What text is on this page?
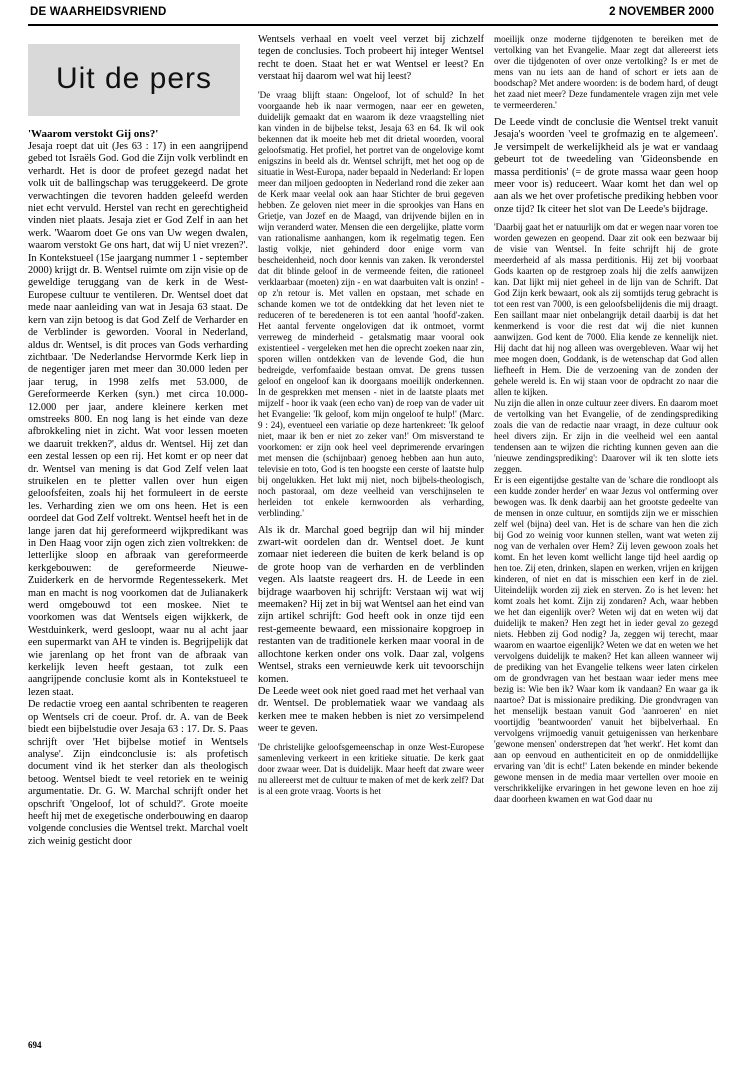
DE WAARHEIDSVRIEND	2 NOVEMBER 2000
Uit de pers

'Waarom verstokt Gij ons?'

Jesaja roept dat uit (Jes 63 : 17) in een aangrijpend gebed tot Israëls God. God die Zijn volk verblindt en verhardt. Het is door de profeet gezegd nadat het volk uit de ballingschap was teruggekeerd. De grote verwachtingen die tevoren hadden geleefd werden niet echt vervuld. Herstel van recht en gerechtigheid vinden niet plaats. Jesaja ziet er God Zelf in aan het werk. 'Waarom doet Ge ons van Uw wegen dwalen, waarom verstokt Ge ons hart, dat wij U niet vrezen?'. In Kontekstueel (15e jaargang nummer 1 - september 2000) krijgt dr. B. Wentsel ruimte om zijn visie op de geweldige teruggang van de kerk in de West-Europese cultuur te ventileren. Dr. Wentsel doet dat mede naar aanleiding van wat in Jesaja 63 staat. De kern van zijn betoog is dat God Zelf de Verharder en de Verblinder is geworden. Vooral in Nederland, aldus dr. Wentsel, is dit proces van Gods verharding zichtbaar. 'De Nederlandse Hervormde Kerk liep in de negentiger jaren met meer dan 30.000 leden per jaar terug, in 1998 zelfs met 53.000, de Gereformeerde Kerken (syn.) met circa 10.000-12.000 per jaar, andere kleinere kerken met omstreeks 800. En nog lang is het einde van deze afbrokkeling niet in zicht. Wat voor lessen moeten we daaruit trekken?', aldus dr. Wentsel. Hij zet dan een zestal lessen op een rij. Het komt er op neer dat dr. Wentsel van mening is dat God Zelf velen laat struikelen en te pletter vallen over hun eigen geloofsfeiten, zoals hij het formuleert in de eerste les. Verharding zien we om ons heen. Het is een oordeel dat God Zelf voltrekt. Wentsel heeft het in de lange jaren dat hij gereformeerd wijkpredikant was in Den Haag voor zijn ogen zich zien voltrekken: de letterlijke sloop en afbraak van gereformeerde kerkgebouwen: de gereformeerde Nieuwe-Zuiderkerk en de hervormde Regentessekerk. Met man en macht is nog voorkomen dat de Julianakerk werd omgebouwd tot een moskee. Niet te voorkomen was dat Wentsels eigen wijkkerk, de Westduinkerk, werd gesloopt, waar nu al acht jaar een supermarkt van AH te vinden is. Begrijpelijk dat wie jarenlang op het front van de afbraak van kerkelijk leven heeft gestaan, tot zulk een aangrijpende conclusie komt als in Kontekstueel te lezen staat.

De redactie vroeg een aantal schribenten te reageren op Wentsels cri de coeur. Prof. dr. A. van de Beek biedt een bijbelstudie over Jesaja 63 : 17. Dr. S. Paas schrijft over 'Het bijbelse motief in Wentsels analyse'. Zijn eindconclusie is: als profetisch document vind ik het sterker dan als theologisch betoog. Wentsel biedt te veel retoriek en te weinig argumentatie. Dr. G. W. Marchal schrijft onder het opschrift 'Ongeloof, lot of schuld?'. Grote moeite heeft hij met de exegetische onderbouwing en daarop volgende conclusies die Wentsel trekt. Marchal voelt zich weinig gesticht door

Wentsels verhaal en voelt veel verzet bij zichzelf tegen de conclusies. Toch probeert hij integer Wentsel recht te doen. Staat het er wat Wentsel er leest? En verstaat hij daarom wel wat hij leest?

'De vraag blijft staan: Ongeloof, lot of schuld? In het voorgaande heb ik naar vermogen, naar eer en geweten, duidelijk gemaakt dat en waarom ik deze vraagstelling niet kan vinden in de bijbelse tekst, Jesaja 63 en 64. Ik wil ook bekennen dat ik moeite heb met dit drietal woorden, vooral geloofsmatig. Het profiel, het portret van de ongelovige komt enigszins in beeld als dr. Wentsel schrijft, met het oog op de situatie in West-Europa, nader bepaald in Nederland: Er lopen meer dan miljoen gedoopten in Nederland rond die zeker aan de Kerk maar veelal ook aan haar Stichter de brui gegeven hebben. Ze geloven niet meer in die sprookjes van Hans en Grietje, van Jozef en de Maagd, van drijvende bijlen en in wijn veranderd water. Mensen die een dergelijke, platte vorm van rationalisme aanhangen, kom ik regelmatig tegen. Een lastig volkje, niet gehinderd door enige vorm van bescheidenheid, noch door kennis van zaken. Ik veronderstel dat dit blinde geloof in de vermeende feiten, die rationeel verklaarbaar (moeten) zijn - en wat daarbuiten valt is onzin! - op z'n retour is. Met vallen en opstaan, met schade en schande komen we tot de ontdekking dat het leven niet te reduceren of te beredeneren is tot een aantal 'hoofd'-zaken. Het aantal fervente ongelovigen dat ik ontmoet, vormt verreweg de minderheid - getalsmatig maar vooral ook existentieel - vergeleken met hen die oprecht zoeken naar zin, sporen willen ontdekken van de levende God, die hun bedreigde, verfomfaaide bestaan omvat. De grens tussen geloof en ongeloof kan ik doorgaans moeilijk onderkennen. In de gesprekken met mensen - niet in de laatste plaats met mijzelf - hoor ik vaak (een echo van) de roep van de vader uit het Evangelie: 'Ik geloof, kom mijn ongeloof te hulp!' (Marc. 9 : 24), eventueel een variatie op deze hartenkreet: 'Ik geloof niet, maar ik ben er niet zo zeker van!' Om misverstand te voorkomen: er zijn ook heel veel deprimerende ervaringen met mensen die (schijnbaar) genoeg hebben aan hun auto, televisie en toto, God is ten hoogste een cerste of laatste hulp bij ongelukken. Het lukt mij niet, noch bijbels-theologisch, noch pastoraal, om deze veelheid van verschijnselen te herleiden tot enkele kernwoorden als verharding, verblinding.'

Als ik dr. Marchal goed begrijp dan wil hij minder zwart-wit oordelen dan dr. Wentsel doet. Je kunt zomaar niet iedereen die buiten de kerk beland is op de grote hoop van de verharden en de verblinden vegen. Als laatste reageert drs. H. de Leede in een bijdrage waarboven hij schrijft: Verstaan wij wat wij meemaken? Hij zet in bij wat Wentsel aan het eind van zijn artikel schrijft: God heeft ook in onze tijd een rest-gemeente bewaard, een missionaire kopgroep in restanten van de traditionele kerken maar vooral in de allochtone kerken onder ons volk. Daar zal, volgens Wentsel, straks een vernieuwde kerk uit tevoorschijn komen.

De Leede weet ook niet goed raad met het verhaal van dr. Wentsel. De problematiek waar we vandaag als kerken mee te maken hebben is niet zo versimpelend weer te geven.

'De christelijke geloofsgemeenschap in onze West-Europese samenleving verkeert in een kritieke situatie. De kerk gaat door zwaar weer. Dat is duidelijk. Maar heeft dat zware weer nu allereerst met de cultuur te maken of met de kerk zelf? Dat is al een grote vraag. Voorts is het

moeilijk onze moderne tijdgenoten te bereiken met de vertolking van het Evangelie. Maar zegt dat allereerst iets over die tijdgenoten of over onze vertolking? Is er met de mens van nu iets aan de hand of schort er iets aan de boodschap? Met andere woorden: is de bodem hard, of deugt het zaad niet meer? Deze fundamentele vragen zijn met vele te vermeerderen.'

De Leede vindt de conclusie die Wentsel trekt vanuit Jesaja's woorden 'veel te grofmazig en te algemeen'. Je versimpelt de werkelijkheid als je wat er vandaag gebeurt tot de tweedeling van 'Gideonsbende en massa perditionis' (= de grote massa waar geen hoop meer voor is) reduceert. Waar komt het dan wel op aan als we het over profetische prediking hebben voor onze tijd? Ik citeer het slot van De Leede's bijdrage.

'Daarbij gaat het er natuurlijk om dat er wegen naar voren toe worden gewezen en geopend. Daar zit ook een bezwaar bij de visie van Wentsel. In feite schrijft hij de grote meerderheid af als massa perditionis. Hij zet bij voorbaat Gods kaarten op de restgroep zoals hij die zelfs aanwijzen kan. Dat lijkt mij niet geheel in de lijn van de Schrift. Dat God Zijn kerk bewaart, ook als zij somtijds terug gebracht is tot een rest van 7000, is een geloofsbelijdenis die mij draagt. Een saillant maar niet onbelangrijk detail daarbij is dat het kenmerkend is voor die rest dat wij die niet kunnen aanwijzen. God kent de 7000. Elia kende ze kennelijk niet. Hij dacht dat hij nog alleen was overgebleven. Waar wij het mee mogen doen, Goddank, is de wetenschap dat God allen liefheeft in Hem. Die de verzoening van de zonden der gehele wereld is. En wij staan voor de opdracht zo naar die allen te kijken.

Nu zijn die allen in onze cultuur zeer divers. En daarom moet de vertolking van het Evangelie, of de zendingsprediking zoals die van de redactie naar vraagt, in deze cultuur ook heel divers zijn. Er zijn in die veelheid wel een aantal tendensen aan te wijzen die richting kunnen geven aan die 'nieuwe zendingsprediking': Daarover wil ik ten slotte iets zeggen.

Er is een eigentijdse gestalte van de 'schare die rondloopt als een kudde zonder herder' en waar Jezus vol ontferming over bewogen was. Ik denk daarbij aan het grootste gedeelte van de mensen in onze cultuur, en somtijds zijn we er misschien zelf wel (bijna) deel van. Het is de schare van hen die zich bij God zo weinig voor kunnen stellen, want wat weten zij nog van de verhalen over Hem? Zij leven gewoon zoals het komt. En het leven komt wellicht lange tijd heel aardig op hen toe. Zij eten, drinken, slapen en werken, vrijen en krijgen kinderen, of niet en dat is misschien een kerf in de ziel. Uiteindelijk worden zij ziek en sterven. Zo is het leven: het komt zoals het komt. Zijn zij zondaren? Ach, waar hebben we het dan eigenlijk over? Weten wij dat en weten wij dat duidelijk te maken? Hen zegt het in ieder geval zo gezegd niets. Hebben zij God nodig? Ja, zeggen wij terecht, maar waarom en waartoe eigenlijk? Weten we dat en weten we het vervolgens duidelijk te maken? Het kan alleen wanneer wij de prediking van het Evangelie telkens weer laten cirkelen om de grondvragen van het bestaan waar ieder mens mee bezig is: Wie ben ik? Waar kom ik vandaan? En waar ga ik naartoe? Dat is missionaire prediking. Die grondvragen van het menselijk bestaan vanuit God 'aanroeren' en niet voortijdig 'beantwoorden' vanuit het bijbelverhaal. En vervolgens vrijmoedig vanuit getuigenissen van herkenbare 'gewone mensen' onderstrepen dat 'het werkt'. Het komt dan aan op eenvoud en authenticiteit en op de onmiddellijke ervaring van 'dit is echt!' Laten bekende en minder bekende gewone mensen in de media maar vertellen over mooie en verschrikkelijke ervaringen in het gewone leven en hoe zij daar doorheen kwamen en wat God daar nu

694
